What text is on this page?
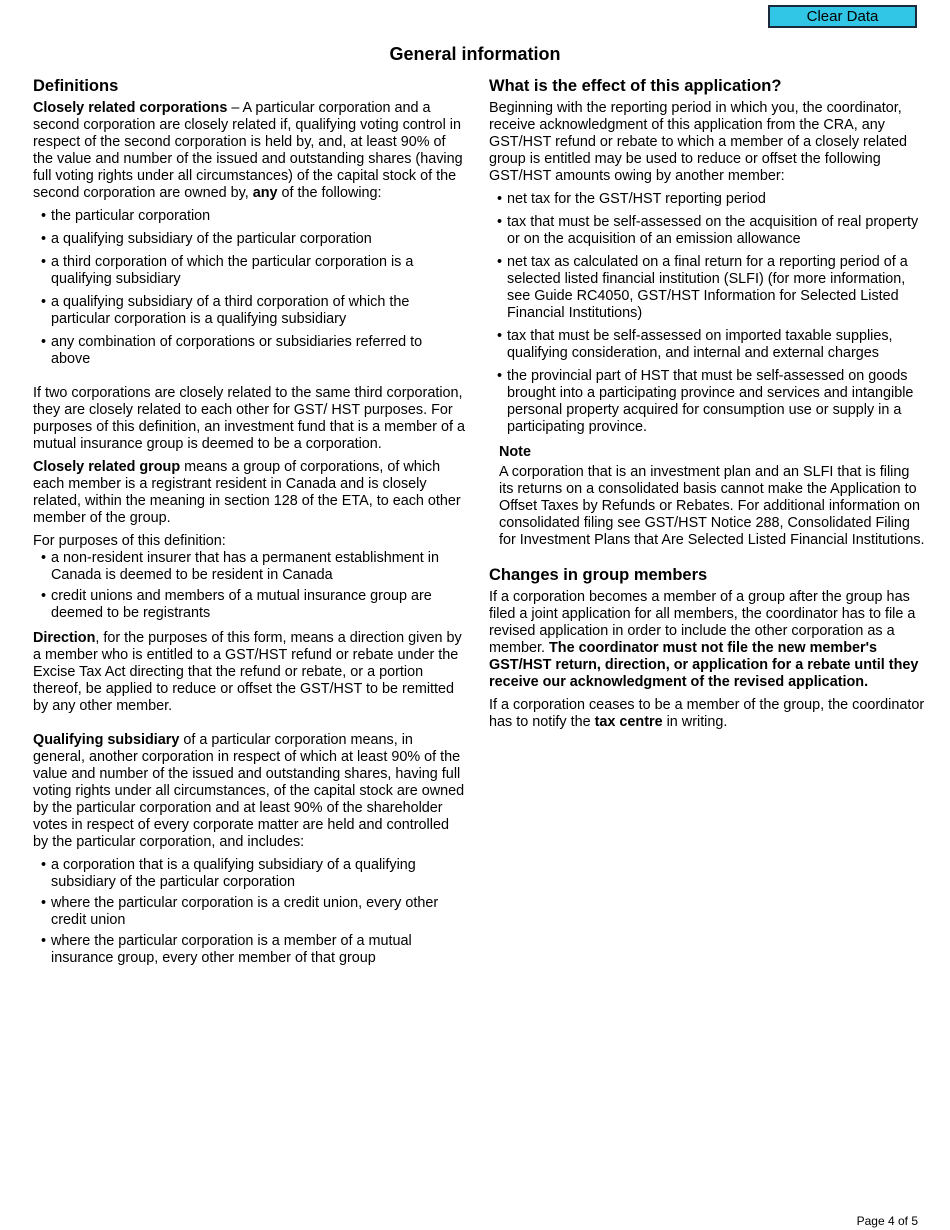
Clear Data
General information
Definitions

Closely related corporations – A particular corporation and a second corporation are closely related if, qualifying voting control in respect of the second corporation is held by, and, at least 90% of the value and number of the issued and outstanding shares (having full voting rights under all circumstances) of the capital stock of the second corporation are owned by, any of the following:

• the particular corporation
• a qualifying subsidiary of the particular corporation
• a third corporation of which the particular corporation is a qualifying subsidiary
• a qualifying subsidiary of a third corporation of which the particular corporation is a qualifying subsidiary
• any combination of corporations or subsidiaries referred to above

If two corporations are closely related to the same third corporation, they are closely related to each other for GST/ HST purposes. For purposes of this definition, an investment fund that is a member of a mutual insurance group is deemed to be a corporation.

Closely related group means a group of corporations, of which each member is a registrant resident in Canada and is closely related, within the meaning in section 128 of the ETA, to each other member of the group.

For purposes of this definition:

• a non-resident insurer that has a permanent establishment in Canada is deemed to be resident in Canada
• credit unions and members of a mutual insurance group are deemed to be registrants

Direction, for the purposes of this form, means a direction given by a member who is entitled to a GST/HST refund or rebate under the Excise Tax Act directing that the refund or rebate, or a portion thereof, be applied to reduce or offset the GST/HST to be remitted by any other member.

Qualifying subsidiary of a particular corporation means, in general, another corporation in respect of which at least 90% of the value and number of the issued and outstanding shares, having full voting rights under all circumstances, of the capital stock are owned by the particular corporation and at least 90% of the shareholder votes in respect of every corporate matter are held and controlled by the particular corporation, and includes:

• a corporation that is a qualifying subsidiary of a qualifying subsidiary of the particular corporation
• where the particular corporation is a credit union, every other credit union
• where the particular corporation is a member of a mutual insurance group, every other member of that group
What is the effect of this application?

Beginning with the reporting period in which you, the coordinator, receive acknowledgment of this application from the CRA, any GST/HST refund or rebate to which a member of a closely related group is entitled may be used to reduce or offset the following GST/HST amounts owing by another member:

• net tax for the GST/HST reporting period
• tax that must be self-assessed on the acquisition of real property or on the acquisition of an emission allowance
• net tax as calculated on a final return for a reporting period of a selected listed financial institution (SLFI) (for more information, see Guide RC4050, GST/HST Information for Selected Listed Financial Institutions)
• tax that must be self-assessed on imported taxable supplies, qualifying consideration, and internal and external charges
• the provincial part of HST that must be self-assessed on goods brought into a participating province and services and intangible personal property acquired for consumption use or supply in a participating province.

Note

A corporation that is an investment plan and an SLFI that is filing its returns on a consolidated basis cannot make the Application to Offset Taxes by Refunds or Rebates. For additional information on consolidated filing see GST/HST Notice 288, Consolidated Filing for Investment Plans that Are Selected Listed Financial Institutions.

Changes in group members

If a corporation becomes a member of a group after the group has filed a joint application for all members, the coordinator has to file a revised application in order to include the other corporation as a member. The coordinator must not file the new member's GST/HST return, direction, or application for a rebate until they receive our acknowledgment of the revised application.

If a corporation ceases to be a member of the group, the coordinator has to notify the tax centre in writing.

Page 4 of 5
